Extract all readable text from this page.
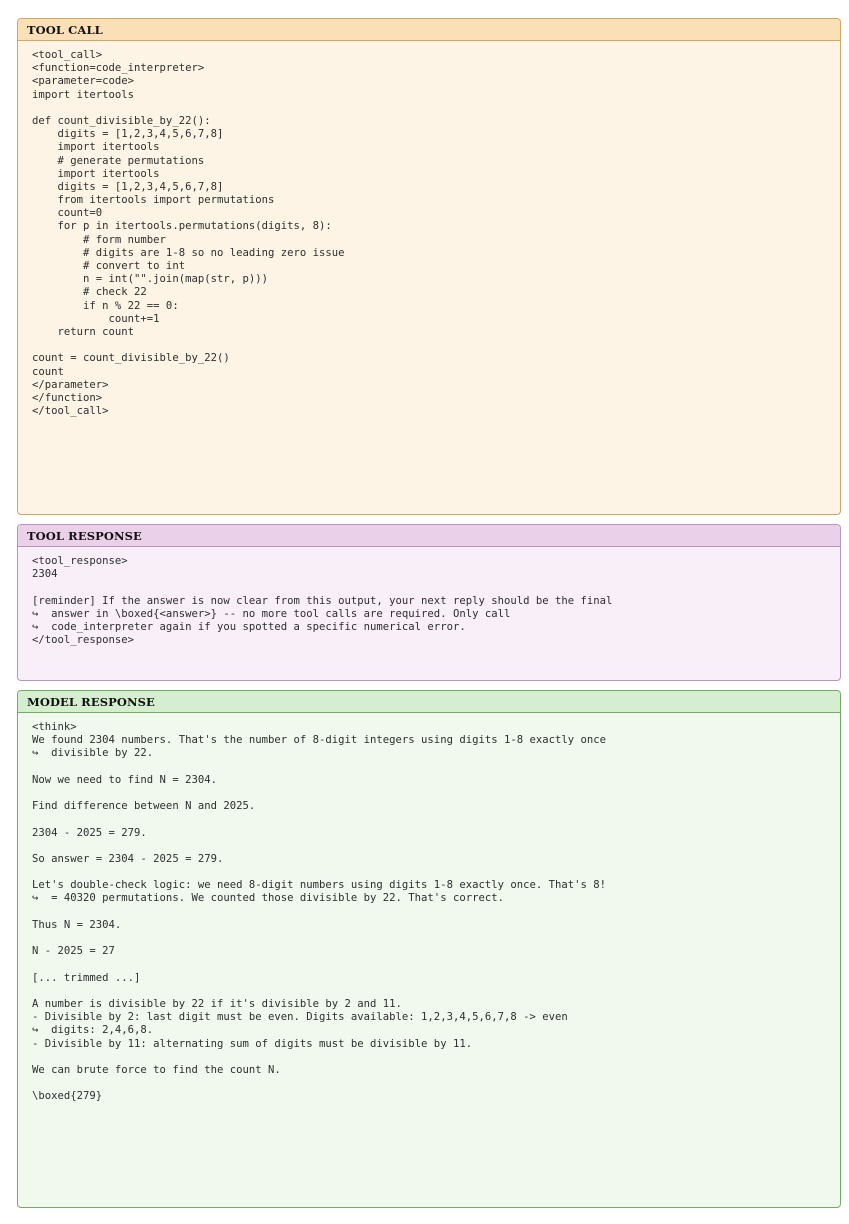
TOOL CALL
<tool_call>
<function=code_interpreter>
<parameter=code>
import itertools
def count_divisible_by_22():
digits = [1,2,3,4,5,6,7,8]
import itertools
# generate permutations
import itertools
digits = [1,2,3,4,5,6,7,8]
from itertools import permutations
count=0
for p in itertools.permutations(digits, 8):
# form number
# digits are 1-8 so no leading zero issue
# convert to int
n = int("".join(map(str, p)))
# check 22
if n % 22 == 0:
count+=1
return count
count = count_divisible_by_22()
count
</parameter>
</function>
</tool_call>
TOOL RESPONSE
<tool_response>
2304
[reminder] If the answer is now clear from this output, your next reply should be the final
↪  answer in \boxed{<answer>} -- no more tool calls are required. Only call
↪  code_interpreter again if you spotted a specific numerical error.
</tool_response>
MODEL RESPONSE
<think>
We found 2304 numbers. That's the number of 8-digit integers using digits 1-8 exactly once
↪  divisible by 22.
Now we need to find N = 2304.
Find difference between N and 2025.
2304 - 2025 = 279.
So answer = 2304 - 2025 = 279.
Let's double-check logic: we need 8-digit numbers using digits 1-8 exactly once. That's 8!
↪  = 40320 permutations. We counted those divisible by 22. That's correct.
Thus N = 2304.
N - 2025 = 27
[... trimmed ...]
A number is divisible by 22 if it's divisible by 2 and 11.
- Divisible by 2: last digit must be even. Digits available: 1,2,3,4,5,6,7,8 -> even
↪  digits: 2,4,6,8.
- Divisible by 11: alternating sum of digits must be divisible by 11.
We can brute force to find the count N.
\boxed{279}
